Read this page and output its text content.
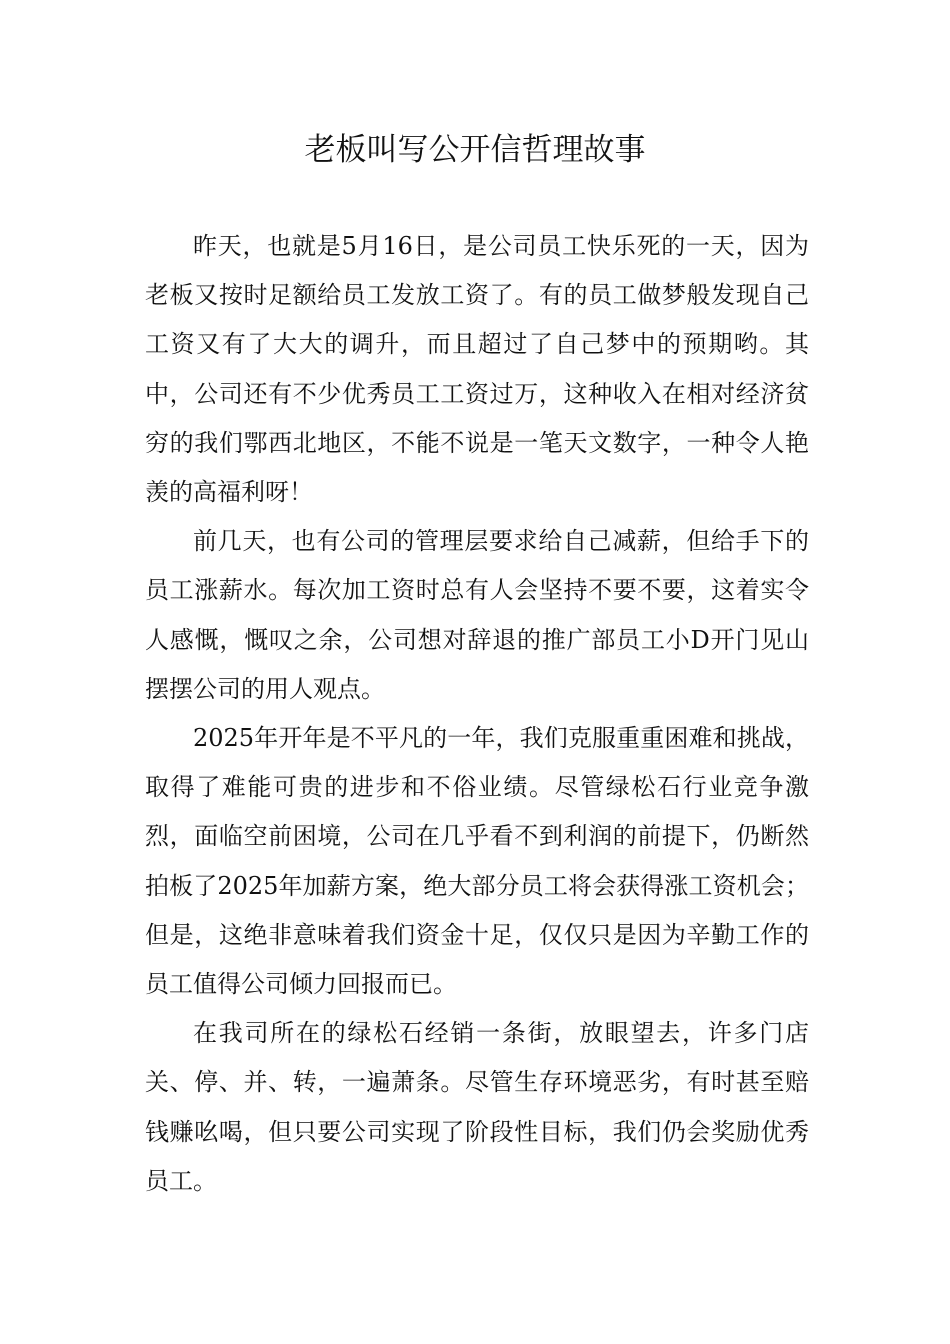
老板叫写公开信哲理故事

昨天，也就是5月16日，是公司员工快乐死的一天，因为老板又按时足额给员工发放工资了。有的员工做梦般发现自己工资又有了大大的调升，而且超过了自己梦中的预期哟。其中，公司还有不少优秀员工工资过万，这种收入在相对经济贫穷的我们鄂西北地区，不能不说是一笔天文数字，一种令人艳羡的高福利呀！

前几天，也有公司的管理层要求给自己减薪，但给手下的员工涨薪水。每次加工资时总有人会坚持不要不要，这着实令人感慨，慨叹之余，公司想对辞退的推广部员工小D开门见山摆摆公司的用人观点。

2025年开年是不平凡的一年，我们克服重重困难和挑战，取得了难能可贵的进步和不俗业绩。尽管绿松石行业竞争激烈，面临空前困境，公司在几乎看不到利润的前提下，仍断然拍板了2025年加薪方案，绝大部分员工将会获得涨工资机会；但是，这绝非意味着我们资金十足，仅仅只是因为辛勤工作的员工值得公司倾力回报而已。

在我司所在的绿松石经销一条街，放眼望去，许多门店关、停、并、转，一遍萧条。尽管生存环境恶劣，有时甚至赔钱赚吆喝，但只要公司实现了阶段性目标，我们仍会奖励优秀员工。
